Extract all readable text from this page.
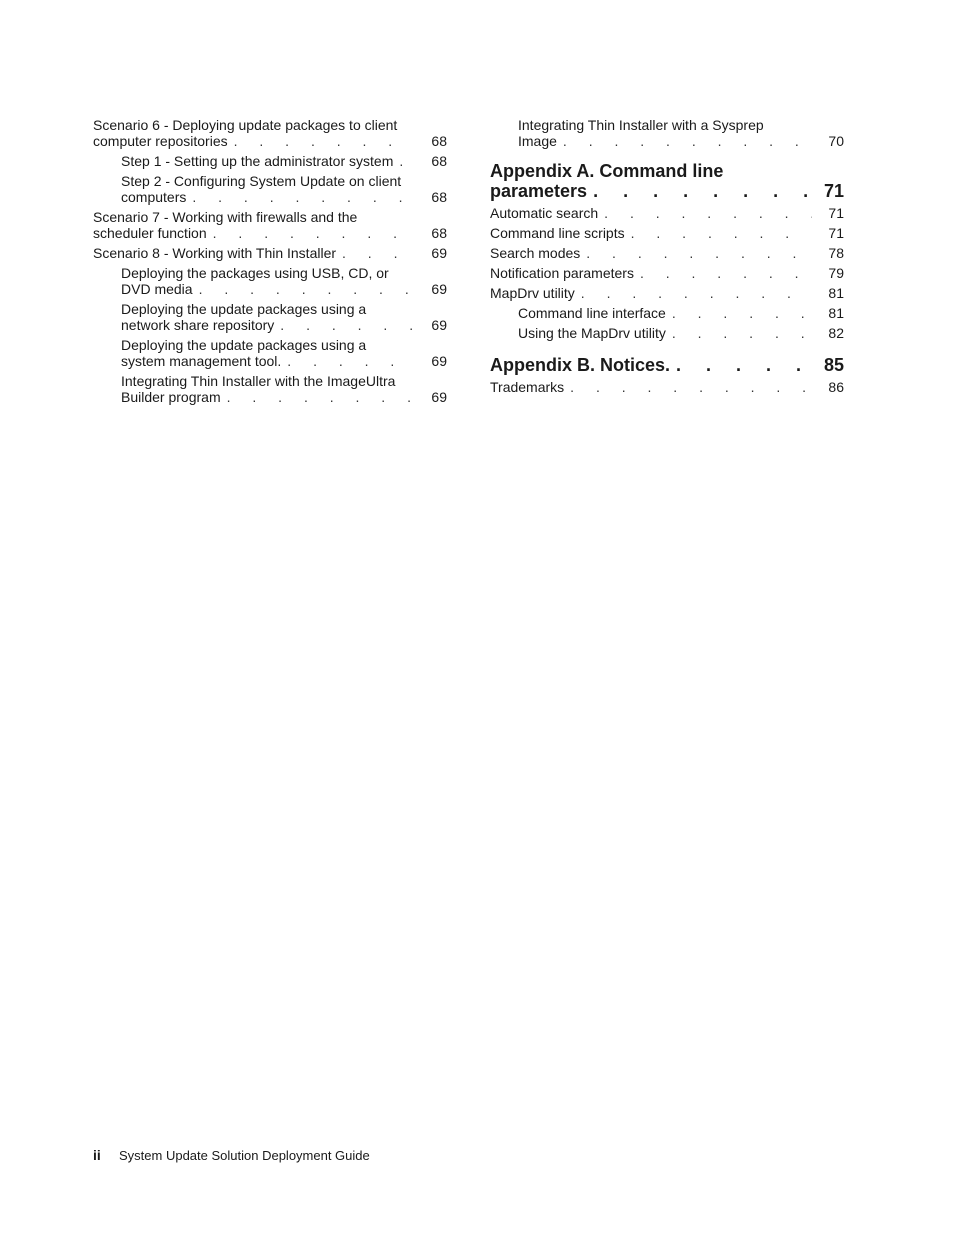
Scenario 6 - Deploying update packages to client
computer repositories . . .	68
Step 1 - Setting up the administrator system . . .	68
Step 2 - Configuring System Update on client
computers . . .	68
Scenario 7 - Working with firewalls and the
scheduler function . . .	68
Scenario 8 - Working with Thin Installer . . .	69
Deploying the packages using USB, CD, or
DVD media . . .	69
Deploying the update packages using a
network share repository . . .	69
Deploying the update packages using a
system management tool. . . .	69
Integrating Thin Installer with the ImageUltra
Builder program . . .	69
Integrating Thin Installer with a Sysprep
Image . . .	70
Appendix A. Command line
parameters . . .	71
Automatic search . . .	71
Command line scripts . . .	71
Search modes . . .	78
Notification parameters . . .	79
MapDrv utility . . .	81
Command line interface . . .	81
Using the MapDrv utility . . .	82
Appendix B. Notices. . . .	85
Trademarks . . .	86
ii	System Update Solution Deployment Guide
